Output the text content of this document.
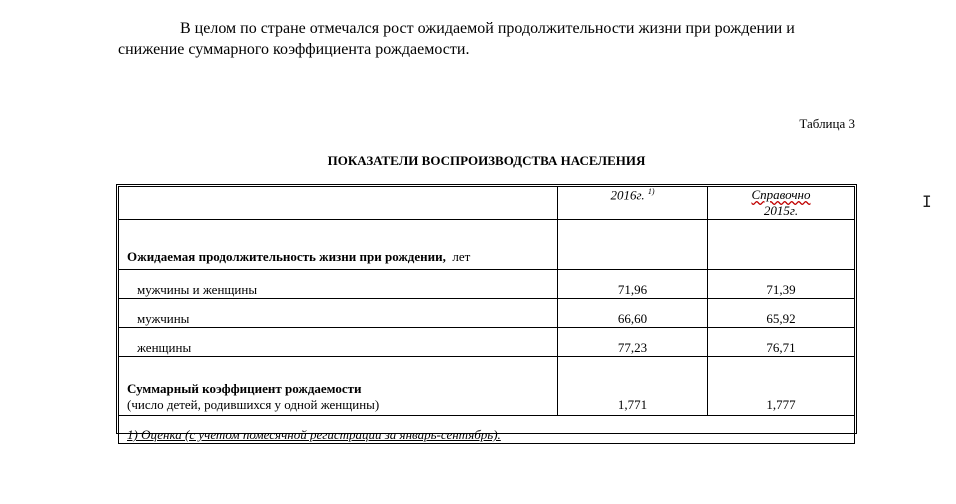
В целом по стране отмечался рост ожидаемой продолжительности жизни при рождении и снижение суммарного коэффициента рождаемости.

Таблица 3

ПОКАЗАТЕЛИ ВОСПРОИЗВОДСТВА НАСЕЛЕНИЯ

	2016г. $^{1)}$	Справочно
2015г.
Ожидаемая продолжительность жизни при рождении, лет		
мужчины и женщины	71,96	71,39
мужчины	66,60	65,92
женщины	77,23	76,71
Суммарный коэффициент рождаемости
(число детей, родившихся у одной женщины)	1,771	1,777
1) Оценка (с учетом помесячной регистрации за январь-сентябрь).		
I
